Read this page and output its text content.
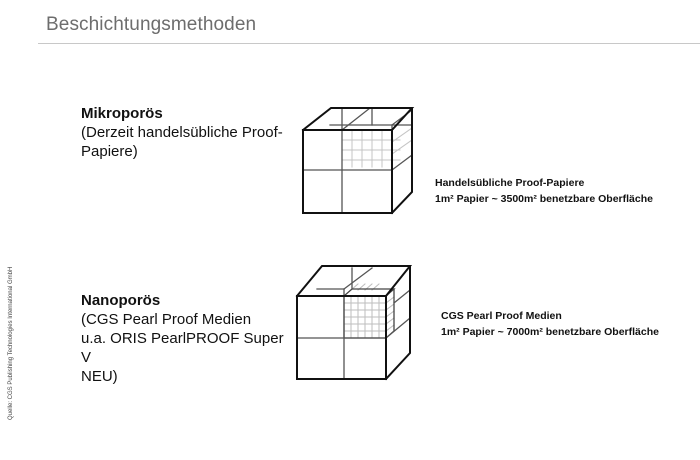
Beschichtungsmethoden
Mikroporös
(Derzeit handelsübliche Proof-
Papiere)
Nanoporös
(CGS Pearl Proof Medien
u.a. ORIS PearlPROOF Super V
NEU)
Handelsübliche Proof-Papiere
1m² Papier ~ 3500m² benetzbare Oberfläche
CGS Pearl Proof Medien
1m² Papier ~ 7000m² benetzbare Oberfläche
Quelle: CGS Publishing Technologies International GmbH
